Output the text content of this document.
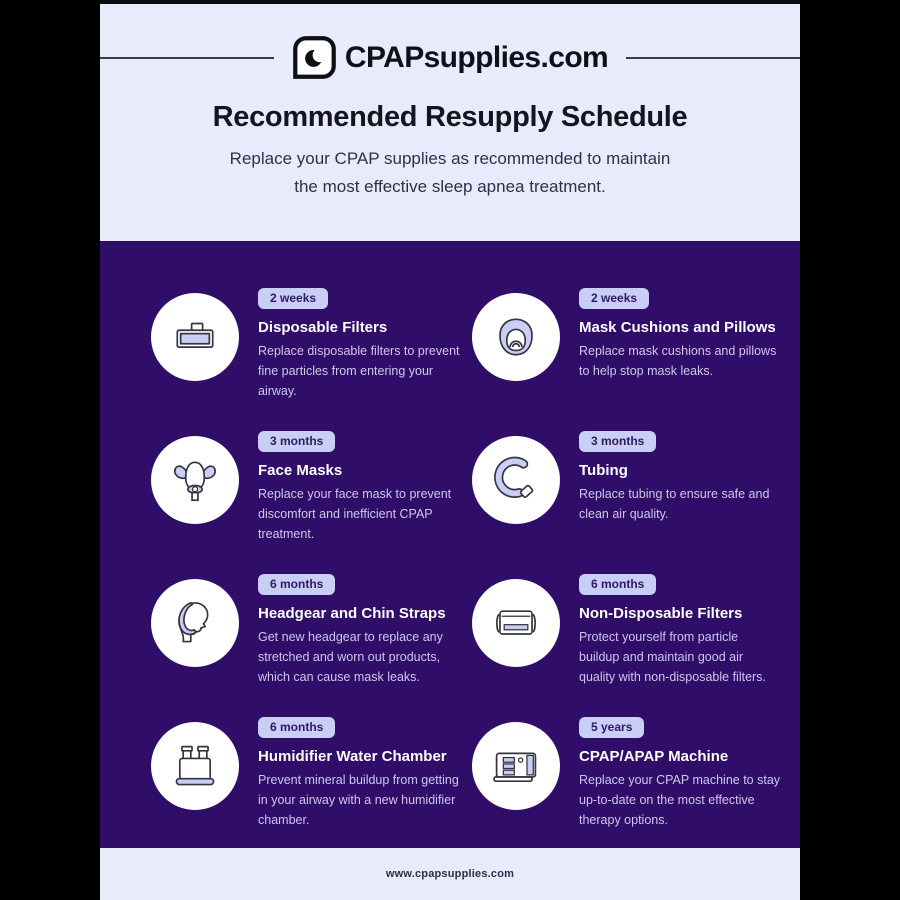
CPAPsupplies.com
Recommended Resupply Schedule
Replace your CPAP supplies as recommended to maintain
the most effective sleep apnea treatment.
2 weeks
Disposable Filters
Replace disposable filters to prevent fine particles from entering your airway.
2 weeks
Mask Cushions and Pillows
Replace mask cushions and pillows to help stop mask leaks.
3 months
Face Masks
Replace your face mask to prevent discomfort and inefficient CPAP treatment.
3 months
Tubing
Replace tubing to ensure safe and clean air quality.
6 months
Headgear and Chin Straps
Get new headgear to replace any stretched and worn out products, which can cause mask leaks.
6 months
Non-Disposable Filters
Protect yourself from particle buildup and maintain good air quality with non-disposable filters.
6 months
Humidifier Water Chamber
Prevent mineral buildup from getting in your airway with a new humidifier chamber.
5 years
CPAP/APAP Machine
Replace your CPAP machine to stay up-to-date on the most effective therapy options.
www.cpapsupplies.com
